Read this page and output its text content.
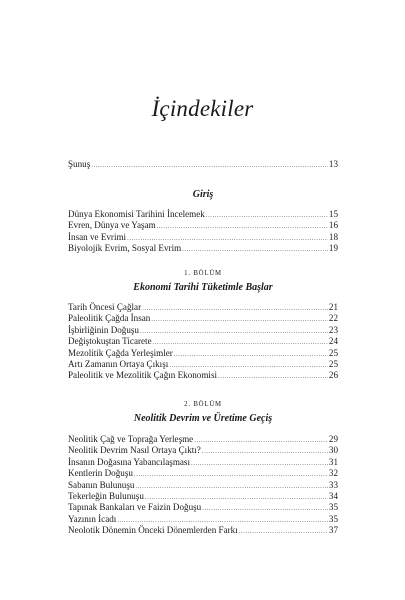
İçindekiler
Şunuş .....	13
Giriş
Dünya Ekonomisi Tarihini İncelemek .....	15
Evren, Dünya ve Yaşam .....	16
İnsan ve Evrimi .....	18
Biyolojik Evrim, Sosyal Evrim .....	19
1. BÖLÜM
Ekonomi Tarihi Tüketimle Başlar
Tarih Öncesi Çağlar .....	21
Paleolitik Çağda İnsan .....	22
İşbirliğinin Doğuşu .....	23
Değiştokuştan Ticarete .....	24
Mezolitik Çağda Yerleşimler .....	25
Artı Zamanın Ortaya Çıkışı .....	25
Paleolitik ve Mezolitik Çağın Ekonomisi .....	26
2. BÖLÜM
Neolitik Devrim ve Üretime Geçiş
Neolitik Çağ ve Toprağa Yerleşme .....	29
Neolitik Devrim Nasıl Ortaya Çıktı? .....	30
İnsanın Doğasına Yabancılaşması .....	31
Kentlerin Doğuşu .....	32
Sabanın Bulunuşu .....	33
Tekerleğin Bulunuşu .....	34
Tapınak Bankaları ve Faizin Doğuşu .....	35
Yazının İcadı .....	35
Neolotik Dönemin Önceki Dönemlerden Farkı .....	37
